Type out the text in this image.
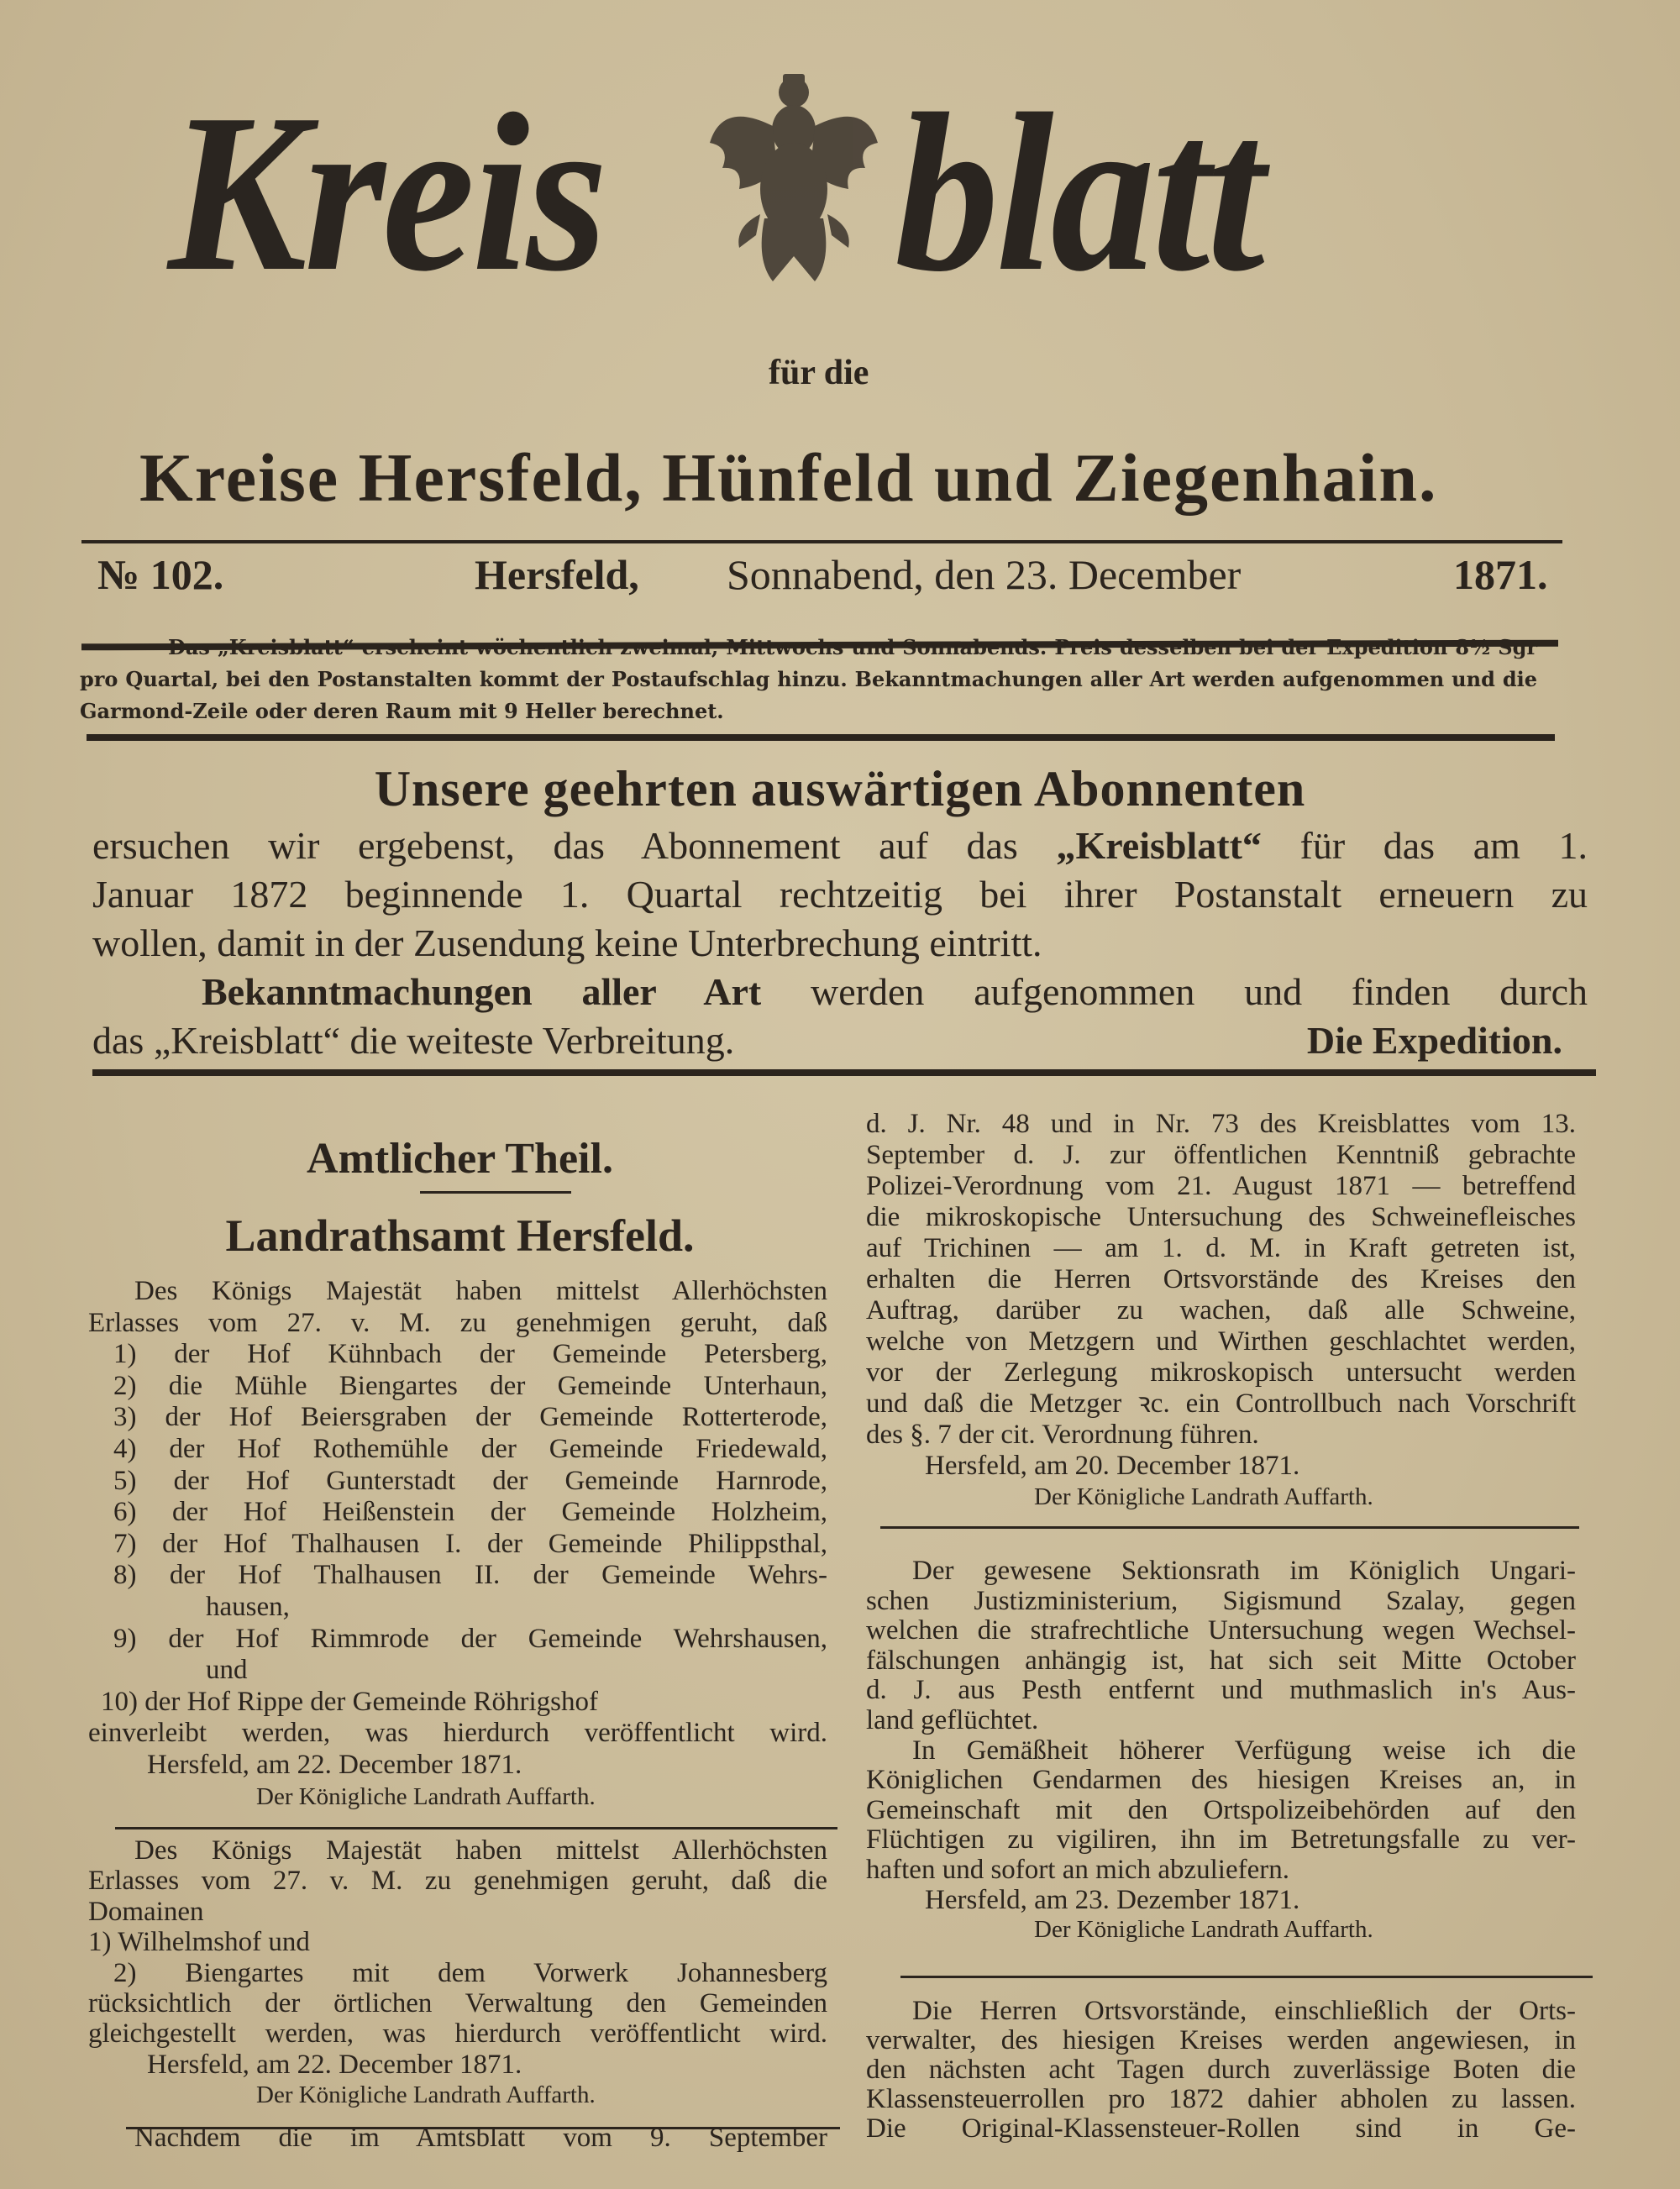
Kreis blatt
für die
Kreise Hersfeld, Hünfeld und Ziegenhain.
№ 102.	Hersfeld, Sonnabend, den 23. December	1871.
Das „Kreisblatt“ erscheint wöchentlich zweimal, Mittwochs und Sonnabends. Preis desselben bei der Expedition 8½ Sgr
pro Quartal, bei den Postanstalten kommt der Postaufschlag hinzu. Bekanntmachungen aller Art werden aufgenommen und die
Garmond-Zeile oder deren Raum mit 9 Heller berechnet.
Unsere geehrten auswärtigen Abonnenten
ersuchen wir ergebenst, das Abonnement auf das „Kreisblatt“ für das am 1.
Januar 1872 beginnende 1. Quartal rechtzeitig bei ihrer Postanstalt erneuern zu
wollen, damit in der Zusendung keine Unterbrechung eintritt.
Bekanntmachungen aller Art werden aufgenommen und finden durch
das „Kreisblatt“ die weiteste Verbreitung.	Die Expedition.
Amtlicher Theil.
Landrathsamt Hersfeld.
Des Königs Majestät haben mittelst Allerhöchsten
Erlasses vom 27. v. M. zu genehmigen geruht, daß
1) der Hof Kühnbach der Gemeinde Petersberg,
2) die Mühle Biengartes der Gemeinde Unterhaun,
3) der Hof Beiersgraben der Gemeinde Rotterterode,
4) der Hof Rothemühle der Gemeinde Friedewald,
5) der Hof Gunterstadt der Gemeinde Harnrode,
6) der Hof Heißenstein der Gemeinde Holzheim,
7) der Hof Thalhausen I. der Gemeinde Philippsthal,
8) der Hof Thalhausen II. der Gemeinde Wehrs-
hausen,
9) der Hof Rimmrode der Gemeinde Wehrshausen,
und
10) der Hof Rippe der Gemeinde Röhrigshof
einverleibt werden, was hierdurch veröffentlicht wird.
Hersfeld, am 22. December 1871.
Der Königliche Landrath Auffarth.
Des Königs Majestät haben mittelst Allerhöchsten
Erlasses vom 27. v. M. zu genehmigen geruht, daß die
Domainen
1) Wilhelmshof und
2) Biengartes mit dem Vorwerk Johannesberg
rücksichtlich der örtlichen Verwaltung den Gemeinden
gleichgestellt werden, was hierdurch veröffentlicht wird.
Hersfeld, am 22. December 1871.
Der Königliche Landrath Auffarth.
Nachdem die im Amtsblatt vom 9. September
d. J. Nr. 48 und in Nr. 73 des Kreisblattes vom 13.
September d. J. zur öffentlichen Kenntniß gebrachte
Polizei-Verordnung vom 21. August 1871 — betreffend
die mikroskopische Untersuchung des Schweinefleisches
auf Trichinen — am 1. d. M. in Kraft getreten ist,
erhalten die Herren Ortsvorstände des Kreises den
Auftrag, darüber zu wachen, daß alle Schweine,
welche von Metzgern und Wirthen geschlachtet werden,
vor der Zerlegung mikroskopisch untersucht werden
und daß die Metzger ꝛc. ein Controllbuch nach Vorschrift
des §. 7 der cit. Verordnung führen.
Hersfeld, am 20. December 1871.
Der Königliche Landrath Auffarth.
Der gewesene Sektionsrath im Königlich Ungari-
schen Justizministerium, Sigismund Szalay, gegen
welchen die strafrechtliche Untersuchung wegen Wechsel-
fälschungen anhängig ist, hat sich seit Mitte October
d. J. aus Pesth entfernt und muthmaslich in's Aus-
land geflüchtet.
In Gemäßheit höherer Verfügung weise ich die
Königlichen Gendarmen des hiesigen Kreises an, in
Gemeinschaft mit den Ortspolizeibehörden auf den
Flüchtigen zu vigiliren, ihn im Betretungsfalle zu ver-
haften und sofort an mich abzuliefern.
Hersfeld, am 23. Dezember 1871.
Der Königliche Landrath Auffarth.
Die Herren Ortsvorstände, einschließlich der Orts-
verwalter, des hiesigen Kreises werden angewiesen, in
den nächsten acht Tagen durch zuverlässige Boten die
Klassensteuerrollen pro 1872 dahier abholen zu lassen.
Die Original-Klassensteuer-Rollen sind in Ge-
